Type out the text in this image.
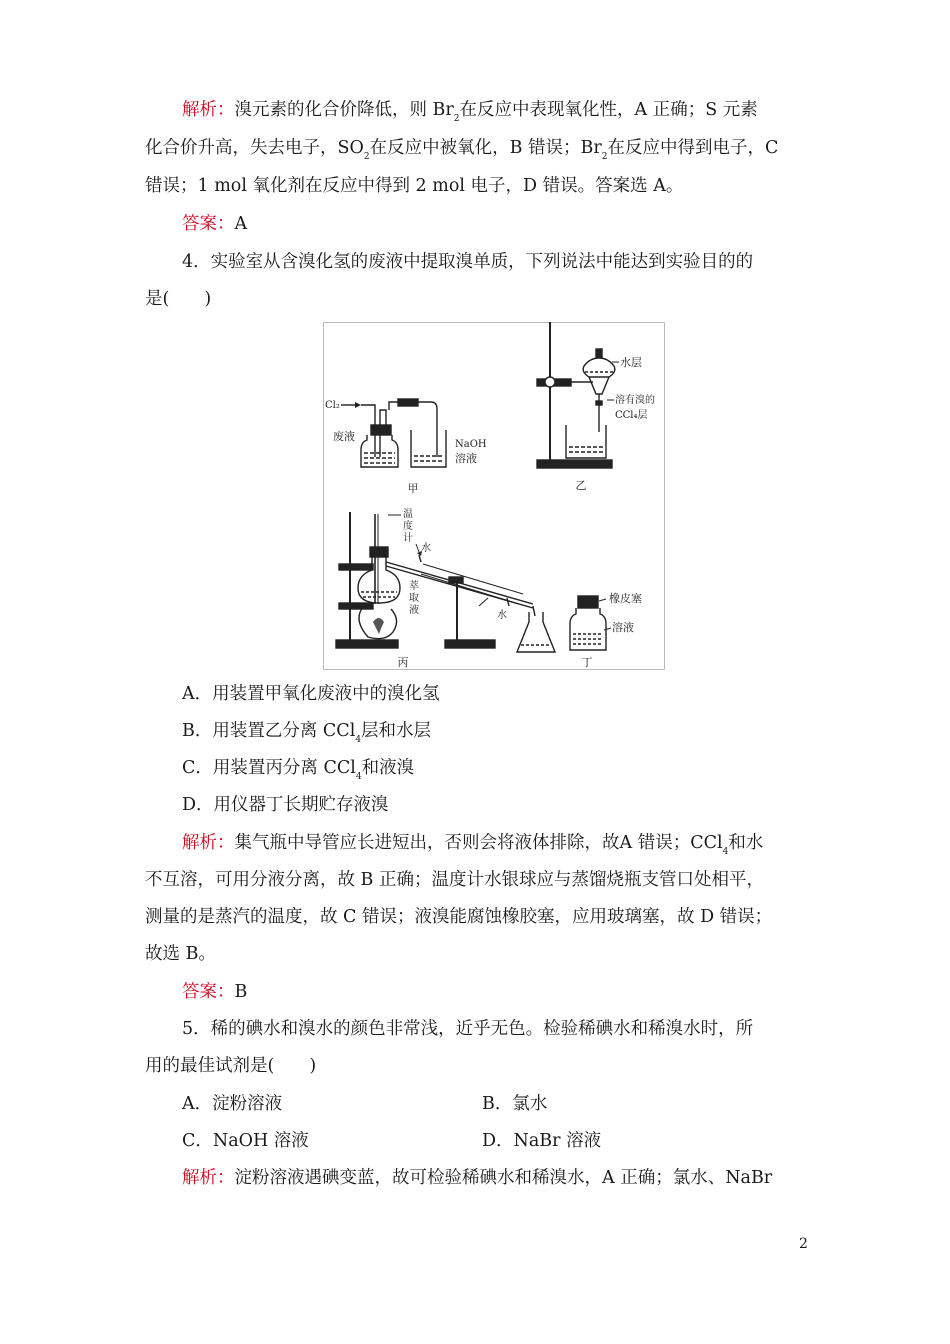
解析：溴元素的化合价降低，则 $Br_2$在反应中表现氧化性，A 正确；S 元素
化合价升高，失去电子，$SO_2$在反应中被氧化，B 错误；$Br_2$在反应中得到电子，C
错误；1 mol 氧化剂在反应中得到 2 mol 电子，D 错误。答案选 A。
答案：A
4．实验室从含溴化氢的废液中提取溴单质，下列说法中能达到实验目的的
是(　　)
Cl₂
废液
NaOH
溶液
甲
水层
溶有溴的
CCl₄层
乙
温
度
计
水
水
萃
取
液
丙
橡皮塞
溶液
丁
A．用装置甲氧化废液中的溴化氢
B．用装置乙分离 CCl$_4$层和水层
C．用装置丙分离 CCl$_4$和液溴
D．用仪器丁长期贮存液溴
解析：集气瓶中导管应长进短出，否则会将液体排除，故A 错误；CCl$_4$和水
不互溶，可用分液分离，故 B 正确；温度计水银球应与蒸馏烧瓶支管口处相平，
测量的是蒸汽的温度，故 C 错误；液溴能腐蚀橡胶塞，应用玻璃塞，故 D 错误；
故选 B。
答案：B
5．稀的碘水和溴水的颜色非常浅，近乎无色。检验稀碘水和稀溴水时，所
用的最佳试剂是(　　)
A．淀粉溶液	B．氯水
C．NaOH 溶液	D．NaBr 溶液
解析：淀粉溶液遇碘变蓝，故可检验稀碘水和稀溴水，A 正确；氯水、NaBr
2
